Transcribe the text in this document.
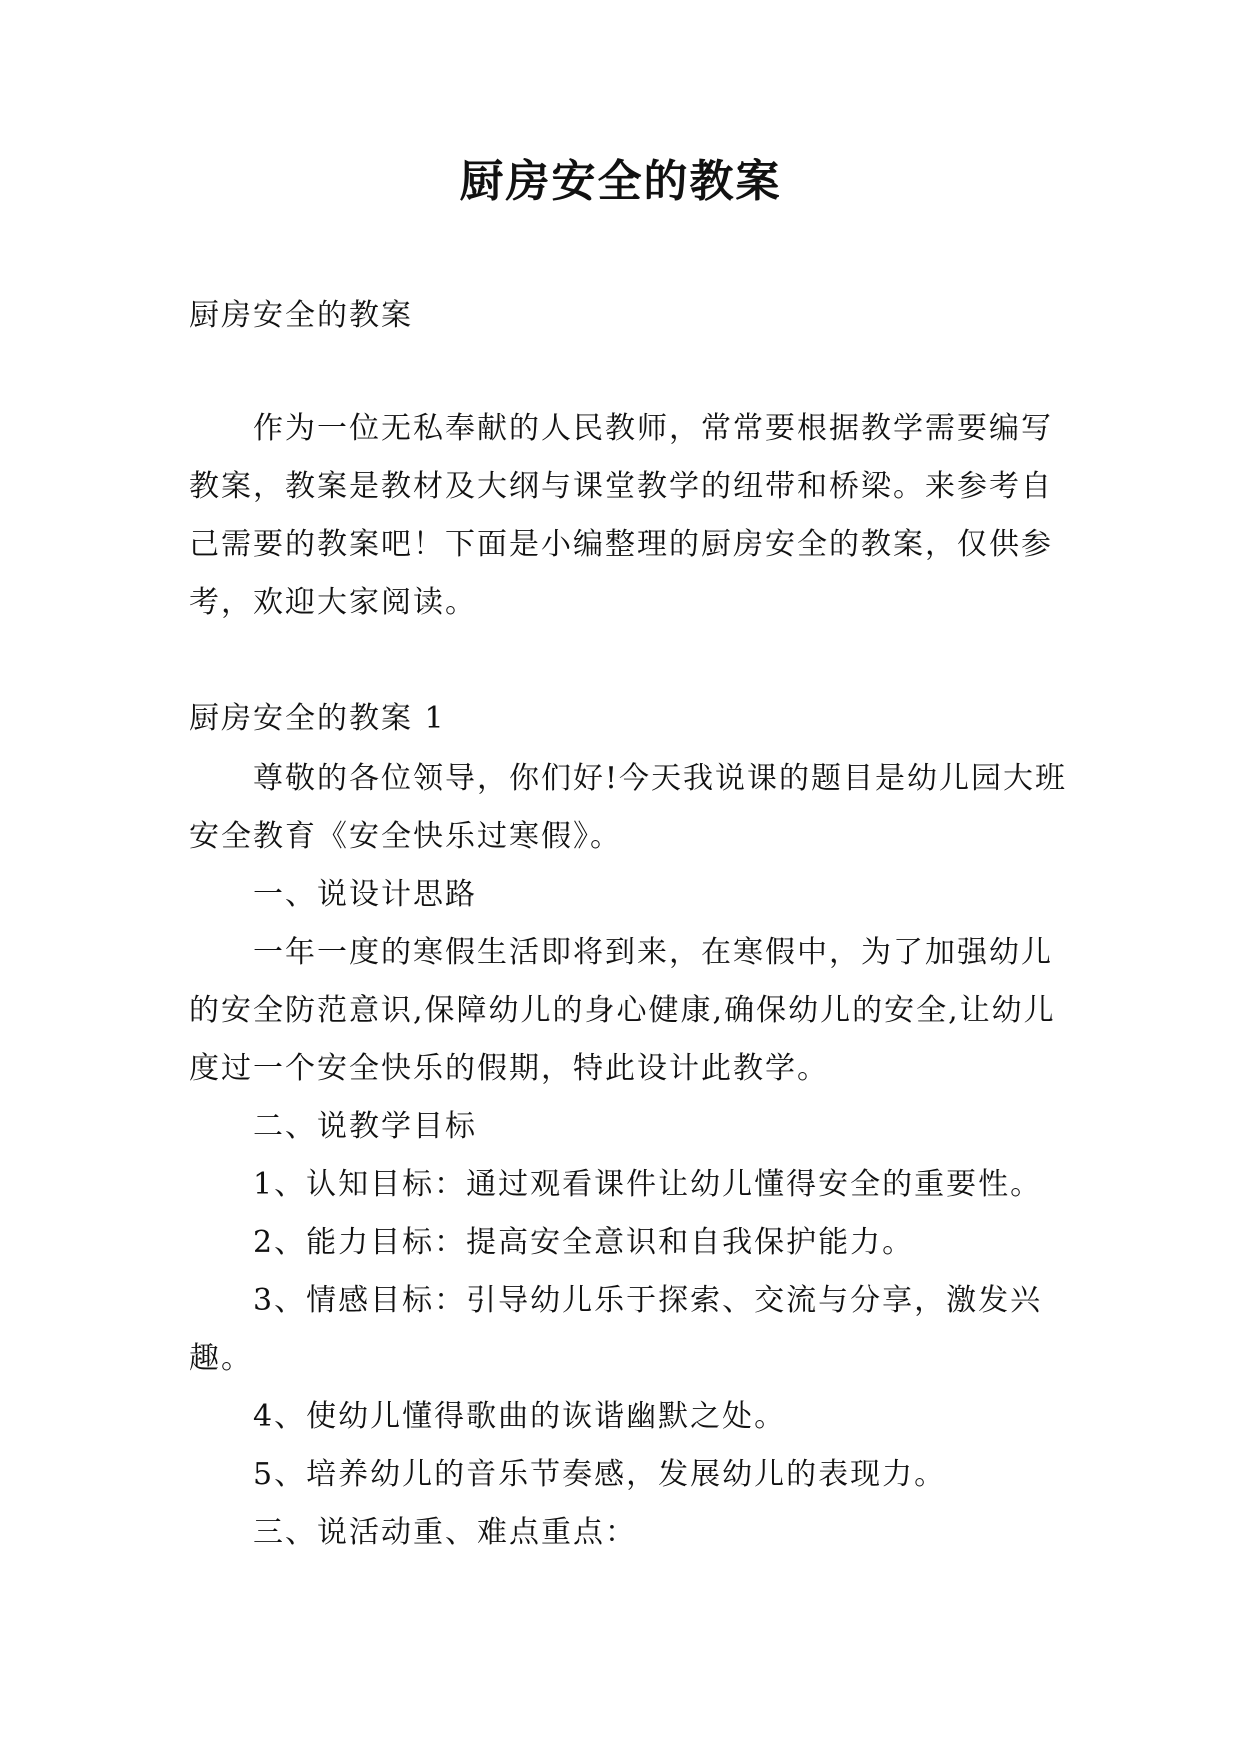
厨房安全的教案
厨房安全的教案
作为一位无私奉献的人民教师，常常要根据教学需要编写教案，教案是教材及大纲与课堂教学的纽带和桥梁。来参考自己需要的教案吧！下面是小编整理的厨房安全的教案，仅供参考，欢迎大家阅读。
厨房安全的教案 1

尊敬的各位领导，你们好!今天我说课的题目是幼儿园大班安全教育《安全快乐过寒假》。

一、说设计思路

一年一度的寒假生活即将到来，在寒假中，为了加强幼儿的安全防范意识,保障幼儿的身心健康,确保幼儿的安全,让幼儿度过一个安全快乐的假期，特此设计此教学。

二、说教学目标

1、认知目标：通过观看课件让幼儿懂得安全的重要性。

2、能力目标：提高安全意识和自我保护能力。

3、情感目标：引导幼儿乐于探索、交流与分享，激发兴趣。

4、使幼儿懂得歌曲的诙谐幽默之处。

5、培养幼儿的音乐节奏感，发展幼儿的表现力。

三、说活动重、难点重点：
